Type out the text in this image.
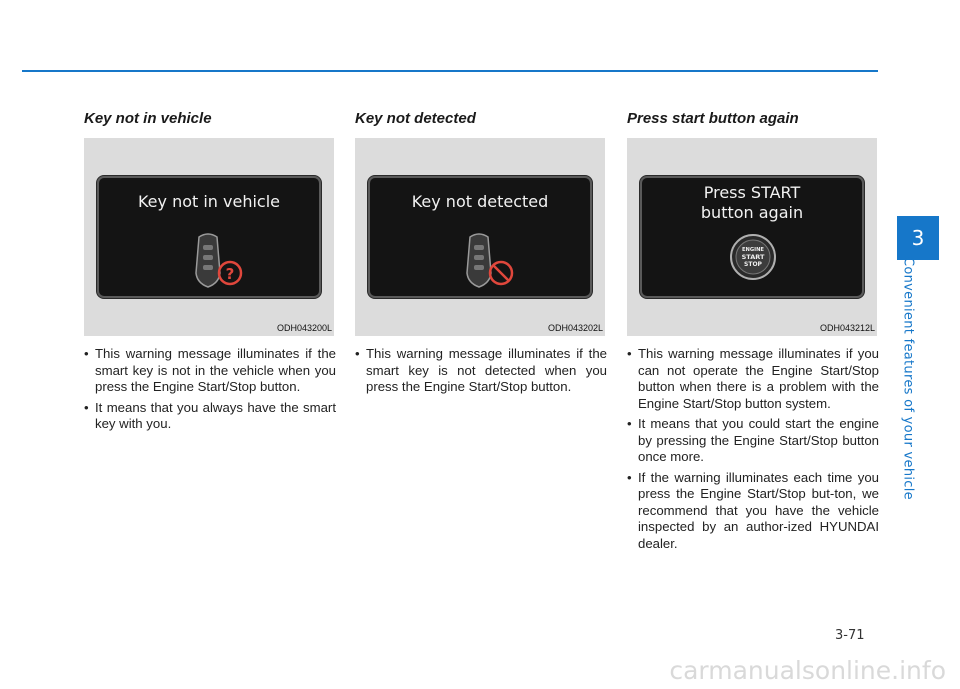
Key not in vehicle
Key not in vehicle
?
ODH043200L
• This warning message illuminates if the smart key is not in the vehicle when you press the Engine Start/Stop button.
• It means that you always have the smart key with you.
Key not detected
Key not detected
ODH043202L
• This warning message illuminates if the smart key is not detected when you press the Engine Start/Stop button.
Press start button again
Press START
button again
ENGINE
START
STOP
ODH043212L
• This warning message illuminates if you can not operate the Engine Start/Stop button when there is a problem with the Engine Start/Stop button system.
• It means that you could start the engine by pressing the Engine Start/Stop button once more.
• If the warning illuminates each time you press the Engine Start/Stop but-ton, we recommend that you have the vehicle inspected by an author-ized HYUNDAI dealer.
3
Convenient features of your vehicle
3-71
carmanualsonline.info
